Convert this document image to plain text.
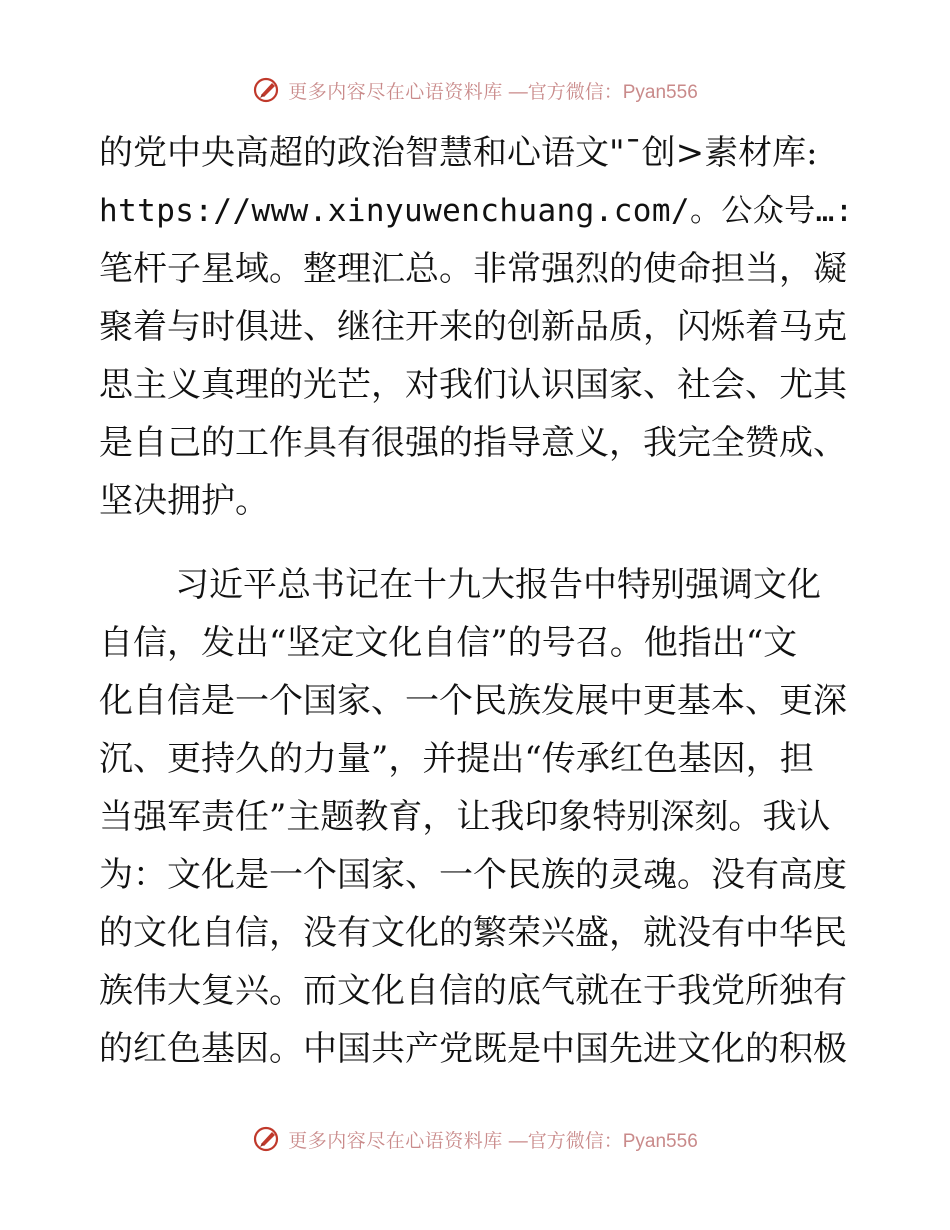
更多内容尽在心语资料库 —官方微信：Pyan556
的党中央高超的政治智慧和心语文"¯创>素材库:
https://www.xinyuwenchuang.com/。公众号…:
笔杆子星域。整理汇总。非常强烈的使命担当，凝
聚着与时俱进、继往开来的创新品质，闪烁着马克
思主义真理的光芒，对我们认识国家、社会、尤其
是自己的工作具有很强的指导意义，我完全赞成、
坚决拥护。
习近平总书记在十九大报告中特别强调文化
自信，发出“坚定文化自信”的号召。他指出“文
化自信是一个国家、一个民族发展中更基本、更深
沉、更持久的力量”，并提出“传承红色基因，担
当强军责任”主题教育，让我印象特别深刻。我认
为：文化是一个国家、一个民族的灵魂。没有高度
的文化自信，没有文化的繁荣兴盛，就没有中华民
族伟大复兴。而文化自信的底气就在于我党所独有
的红色基因。中国共产党既是中国先进文化的积极
更多内容尽在心语资料库 —官方微信：Pyan556
